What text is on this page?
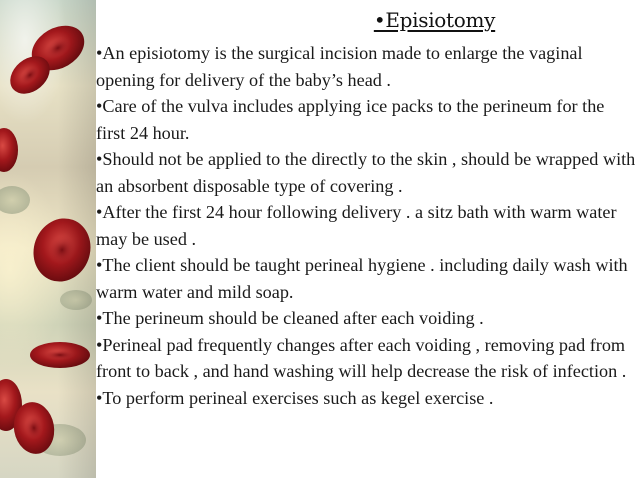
•Episiotomy
•An episiotomy is the surgical incision made to enlarge the vaginal opening for delivery of the baby’s head .
•Care of the vulva includes applying ice packs to the perineum for the first 24 hour.
•Should not be applied to the directly to the skin , should be wrapped with an absorbent disposable type of covering .
•After the first 24 hour following delivery . a sitz bath with warm water may be used .
•The client should be taught perineal hygiene . including daily wash with warm water and mild soap.
•The perineum should be cleaned after each voiding .
•Perineal pad frequently changes after each voiding , removing pad from front to back , and hand washing will help decrease the risk of infection .
•To perform perineal exercises such as kegel exercise .
